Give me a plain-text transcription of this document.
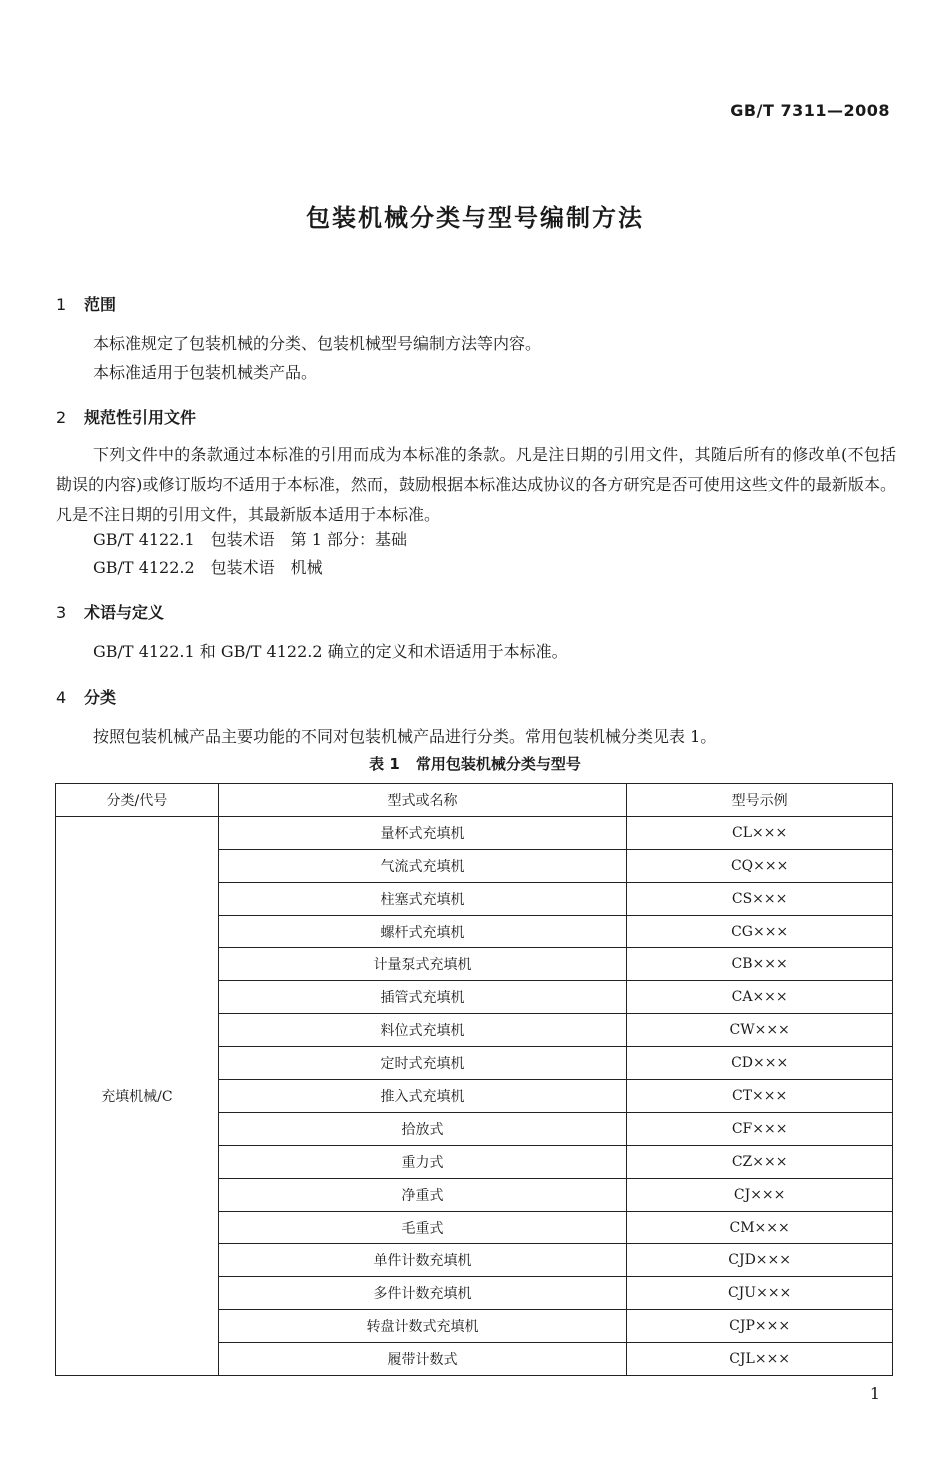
GB/T 7311—2008
包装机械分类与型号编制方法
1 范围
本标准规定了包装机械的分类、包装机械型号编制方法等内容。
本标准适用于包装机械类产品。
2 规范性引用文件
下列文件中的条款通过本标准的引用而成为本标准的条款。凡是注日期的引用文件，其随后所有的修改单(不包括勘误的内容)或修订版均不适用于本标准，然而，鼓励根据本标准达成协议的各方研究是否可使用这些文件的最新版本。凡是不注日期的引用文件，其最新版本适用于本标准。
GB/T 4122.1　包装术语　第 1 部分：基础
GB/T 4122.2　包装术语　机械
3 术语与定义
GB/T 4122.1 和 GB/T 4122.2 确立的定义和术语适用于本标准。
4 分类
按照包装机械产品主要功能的不同对包装机械产品进行分类。常用包装机械分类见表 1。
表 1 常用包装机械分类与型号
分类/代号	型式或名称	型号示例
充填机械/C	量杯式充填机	CL×××
	气流式充填机	CQ×××
	柱塞式充填机	CS×××
	螺杆式充填机	CG×××
	计量泵式充填机	CB×××
	插管式充填机	CA×××
	料位式充填机	CW×××
	定时式充填机	CD×××
	推入式充填机	CT×××
	拾放式	CF×××
	重力式	CZ×××
	净重式	CJ×××
	毛重式	CM×××
	单件计数充填机	CJD×××
	多件计数充填机	CJU×××
	转盘计数式充填机	CJP×××
	履带计数式	CJL×××
1
